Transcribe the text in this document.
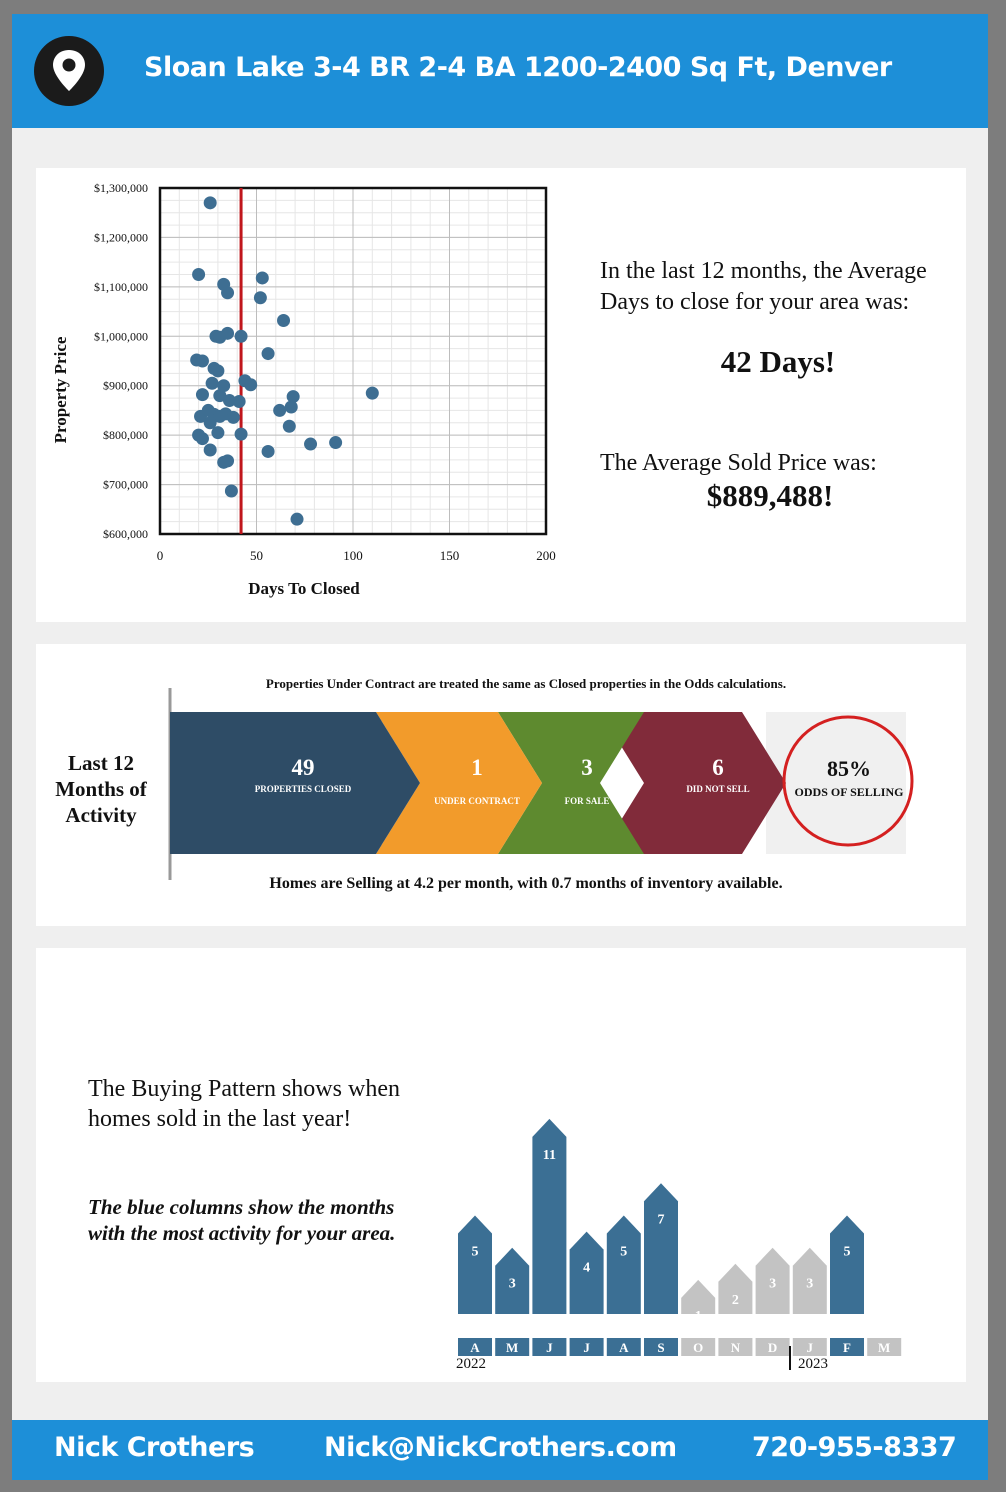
Sloan Lake 3-4 BR 2-4 BA 1200-2400 Sq Ft, Denver
$600,000
$700,000
$800,000
$900,000
$1,000,000
$1,100,000
$1,200,000
$1,300,000
0	50	100	150	200
Days To Closed
Property Price
In the last 12 months, the Average Days to close for your area was:
42 Days!
The Average Sold Price was:
$889,488!
Last 12 Months of Activity
Properties Under Contract are treated the same as Closed properties in the Odds calculations.
49
PROPERTIES CLOSED
1
UNDER CONTRACT
3
FOR SALE
6
DID NOT SELL
85%
ODDS OF SELLING
Homes are Selling at 4.2 per month, with 0.7 months of inventory available.
The Buying Pattern shows when homes sold in the last year!
The blue columns show the months with the most activity for your area.
5
A
3
M
11
J
4
J
5
A
7
S
1
O
2
N
3
D
3
J
5
F M
2022	2023
Nick Crothers	Nick@NickCrothers.com	720-955-8337
